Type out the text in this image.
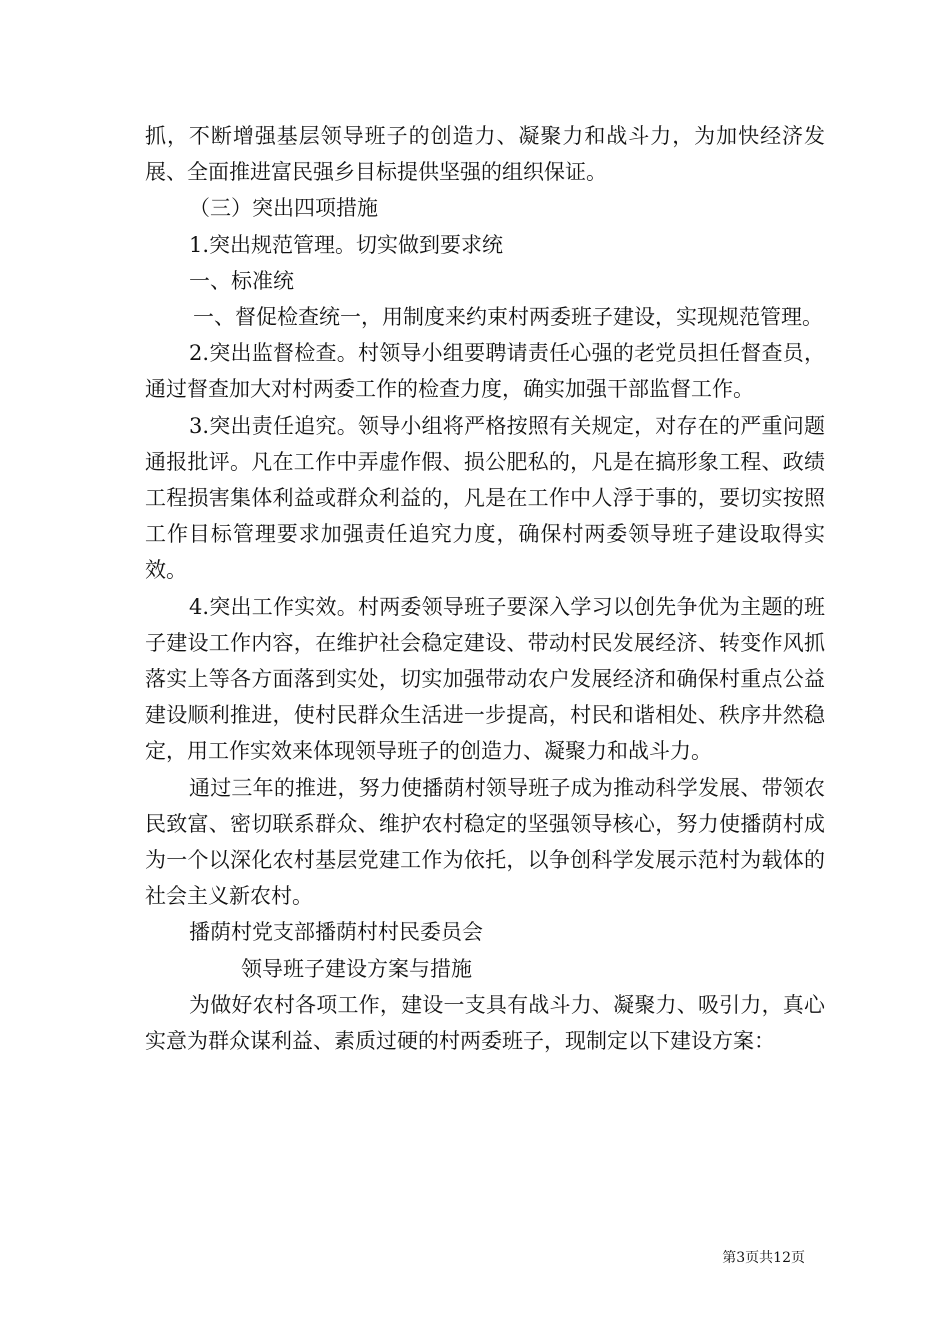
抓，不断增强基层领导班子的创造力、凝聚力和战斗力，为加快经济发展、全面推进富民强乡目标提供坚强的组织保证。

（三）突出四项措施

1.突出规范管理。切实做到要求统

一、标准统

一、督促检查统一，用制度来约束村两委班子建设，实现规范管理。

2.突出监督检查。村领导小组要聘请责任心强的老党员担任督查员，通过督查加大对村两委工作的检查力度，确实加强干部监督工作。

3.突出责任追究。领导小组将严格按照有关规定，对存在的严重问题通报批评。凡在工作中弄虚作假、损公肥私的，凡是在搞形象工程、政绩工程损害集体利益或群众利益的，凡是在工作中人浮于事的，要切实按照工作目标管理要求加强责任追究力度，确保村两委领导班子建设取得实效。

4.突出工作实效。村两委领导班子要深入学习以创先争优为主题的班子建设工作内容，在维护社会稳定建设、带动村民发展经济、转变作风抓落实上等各方面落到实处，切实加强带动农户发展经济和确保村重点公益建设顺利推进，使村民群众生活进一步提高，村民和谐相处、秩序井然稳定，用工作实效来体现领导班子的创造力、凝聚力和战斗力。

通过三年的推进，努力使播荫村领导班子成为推动科学发展、带领农民致富、密切联系群众、维护农村稳定的坚强领导核心，努力使播荫村成为一个以深化农村基层党建工作为依托，以争创科学发展示范村为载体的社会主义新农村。

播荫村党支部播荫村村民委员会

领导班子建设方案与措施

为做好农村各项工作，建设一支具有战斗力、凝聚力、吸引力，真心实意为群众谋利益、素质过硬的村两委班子，现制定以下建设方案：

第3页共12页
